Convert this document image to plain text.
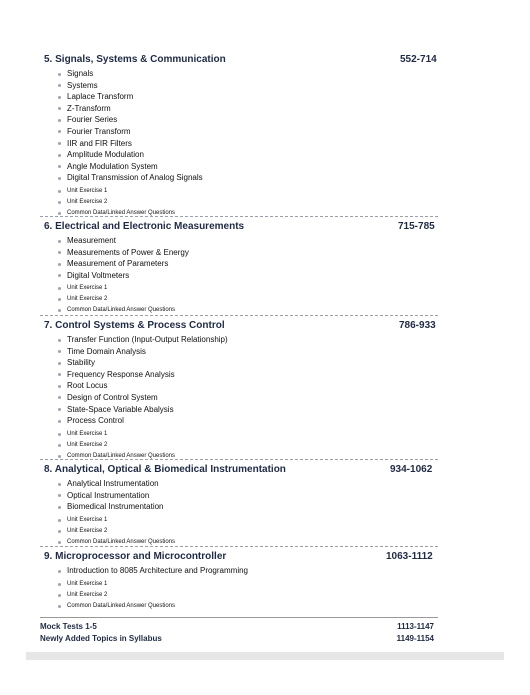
5. Signals, Systems & Communication	552-714
Signals
Systems
Laplace Transform
Z-Transform
Fourier Series
Fourier Transform
IIR and FIR Filters
Amplitude Modulation
Angle Modulation System
Digital Transmission of Analog Signals
Unit Exercise 1
Unit Exercise 2
Common Data/Linked Answer Questions
6. Electrical and Electronic Measurements	715-785
Measurement
Measurements of Power & Energy
Measurement of Parameters
Digital Voltmeters
Unit Exercise 1
Unit Exercise 2
Common Data/Linked Answer Questions
7. Control Systems & Process Control	786-933
Transfer Function (Input-Output Relationship)
Time Domain Analysis
Stability
Frequency Response Analysis
Root Locus
Design of Control System
State-Space Variable Abalysis
Process Control
Unit Exercise 1
Unit Exercise 2
Common Data/Linked Answer Questions
8. Analytical, Optical & Biomedical Instrumentation	934-1062
Analytical Instrumentation
Optical Instrumentation
Biomedical Instrumentation
Unit Exercise 1
Unit Exercise 2
Common Data/Linked Answer Questions
9. Microprocessor and Microcontroller	1063-1112
Introduction to 8085 Architecture and Programming
Unit Exercise 1
Unit Exercise 2
Common Data/Linked Answer Questions
Mock Tests 1-5	1113-1147
Newly Added Topics in Syllabus	1149-1154
